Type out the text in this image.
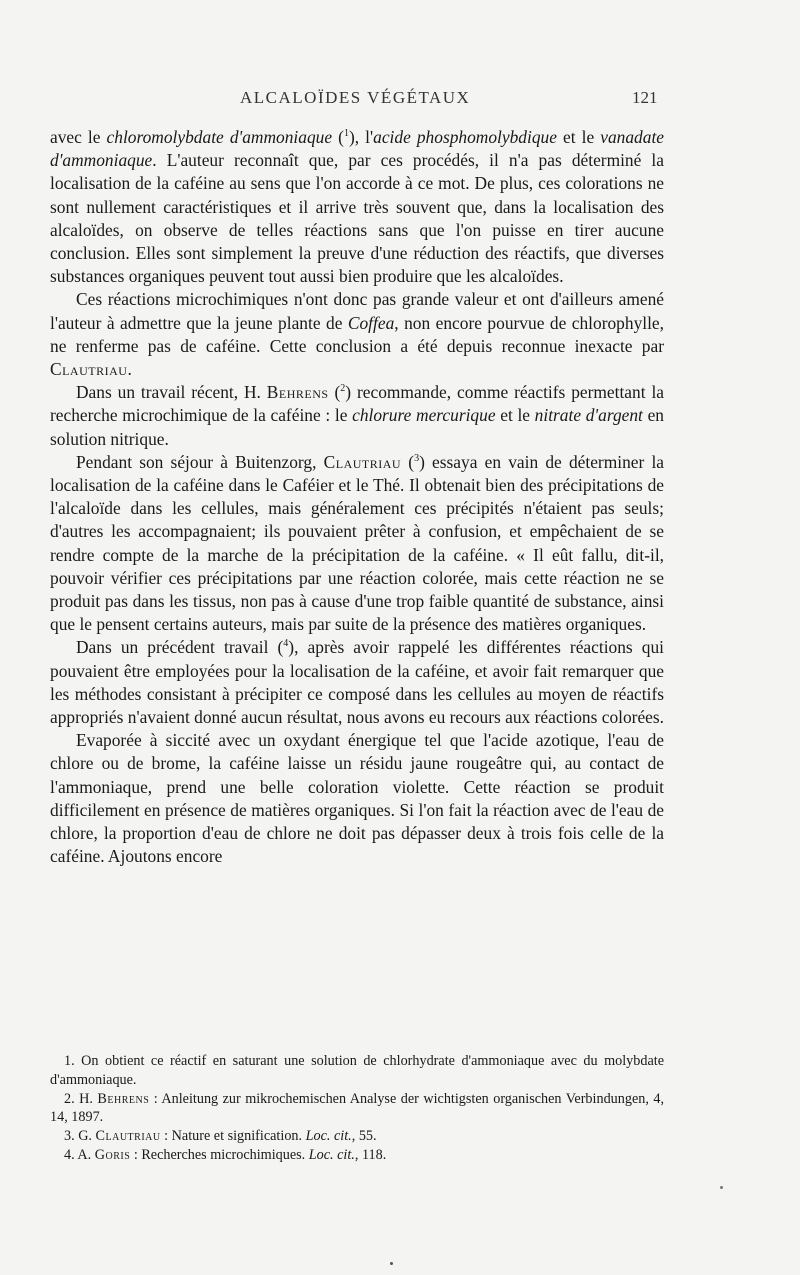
ALCALOÏDES VÉGÉTAUX	121

avec le chloromolybdate d'ammoniaque ($^1$), l'acide phosphomolybdique et le vanadate d'ammoniaque. L'auteur reconnaît que, par ces procédés, il n'a pas déterminé la localisation de la caféine au sens que l'on accorde à ce mot. De plus, ces colorations ne sont nullement caractéristiques et il arrive très souvent que, dans la localisation des alcaloïdes, on observe de telles réactions sans que l'on puisse en tirer aucune conclusion. Elles sont simplement la preuve d'une réduction des réactifs, que diverses substances organiques peuvent tout aussi bien produire que les alcaloïdes.

Ces réactions microchimiques n'ont donc pas grande valeur et ont d'ailleurs amené l'auteur à admettre que la jeune plante de Coffea, non encore pourvue de chlorophylle, ne renferme pas de caféine. Cette conclusion a été depuis reconnue inexacte par Clautriau.

Dans un travail récent, H. Behrens ($^2$) recommande, comme réactifs permettant la recherche microchimique de la caféine : le chlorure mercurique et le nitrate d'argent en solution nitrique.

Pendant son séjour à Buitenzorg, Clautriau ($^3$) essaya en vain de déterminer la localisation de la caféine dans le Caféier et le Thé. Il obtenait bien des précipitations de l'alcaloïde dans les cellules, mais généralement ces précipités n'étaient pas seuls; d'autres les accompagnaient; ils pouvaient prêter à confusion, et empêchaient de se rendre compte de la marche de la précipitation de la caféine. « Il eût fallu, dit-il, pouvoir vérifier ces précipitations par une réaction colorée, mais cette réaction ne se produit pas dans les tissus, non pas à cause d'une trop faible quantité de substance, ainsi que le pensent certains auteurs, mais par suite de la présence des matières organiques.

Dans un précédent travail ($^4$), après avoir rappelé les différentes réactions qui pouvaient être employées pour la localisation de la caféine, et avoir fait remarquer que les méthodes consistant à précipiter ce composé dans les cellules au moyen de réactifs appropriés n'avaient donné aucun résultat, nous avons eu recours aux réactions colorées.

Evaporée à siccité avec un oxydant énergique tel que l'acide azotique, l'eau de chlore ou de brome, la caféine laisse un résidu jaune rougeâtre qui, au contact de l'ammoniaque, prend une belle coloration violette. Cette réaction se produit difficilement en présence de matières organiques. Si l'on fait la réaction avec de l'eau de chlore, la proportion d'eau de chlore ne doit pas dépasser deux à trois fois celle de la caféine. Ajoutons encore

1. On obtient ce réactif en saturant une solution de chlorhydrate d'ammoniaque avec du molybdate d'ammoniaque.

2. H. Behrens : Anleitung zur mikrochemischen Analyse der wichtigsten organischen Verbindungen, 4, 14, 1897.

3. G. Clautriau : Nature et signification. Loc. cit., 55.

4. A. Goris : Recherches microchimiques. Loc. cit., 118.
